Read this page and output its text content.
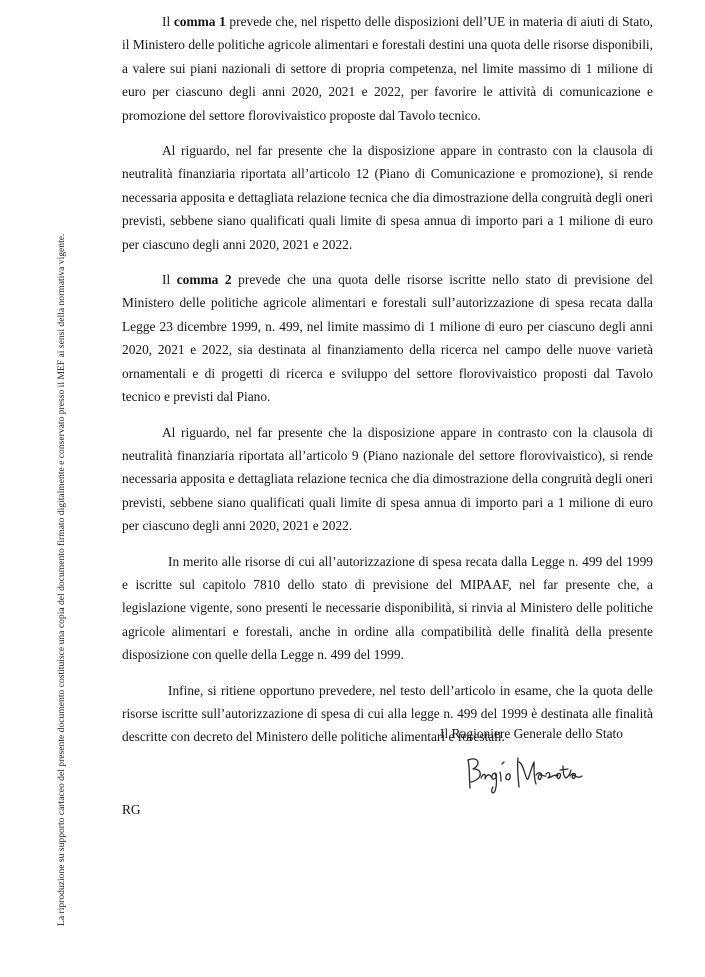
La riproduzione su supporto cartaceo del presente documento costituisce una copia del documento firmato digitalmente e conservato presso il MEF ai sensi della normativa vigente.

Il comma 1 prevede che, nel rispetto delle disposizioni dell’UE in materia di aiuti di Stato, il Ministero delle politiche agricole alimentari e forestali destini una quota delle risorse disponibili, a valere sui piani nazionali di settore di propria competenza, nel limite massimo di 1 milione di euro per ciascuno degli anni 2020, 2021 e 2022, per favorire le attività di comunicazione e promozione del settore florovivaistico proposte dal Tavolo tecnico.

Al riguardo, nel far presente che la disposizione appare in contrasto con la clausola di neutralità finanziaria riportata all’articolo 12 (Piano di Comunicazione e promozione), si rende necessaria apposita e dettagliata relazione tecnica che dia dimostrazione della congruità degli oneri previsti, sebbene siano qualificati quali limite di spesa annua di importo pari a 1 milione di euro per ciascuno degli anni 2020, 2021 e 2022.

Il comma 2 prevede che una quota delle risorse iscritte nello stato di previsione del Ministero delle politiche agricole alimentari e forestali sull’autorizzazione di spesa recata dalla Legge 23 dicembre 1999, n. 499, nel limite massimo di 1 milione di euro per ciascuno degli anni 2020, 2021 e 2022, sia destinata al finanziamento della ricerca nel campo delle nuove varietà ornamentali e di progetti di ricerca e sviluppo del settore florovivaistico proposti dal Tavolo tecnico e previsti dal Piano.

Al riguardo, nel far presente che la disposizione appare in contrasto con la clausola di neutralità finanziaria riportata all’articolo 9 (Piano nazionale del settore florovivaistico), si rende necessaria apposita e dettagliata relazione tecnica che dia dimostrazione della congruità degli oneri previsti, sebbene siano qualificati quali limite di spesa annua di importo pari a 1 milione di euro per ciascuno degli anni 2020, 2021 e 2022.

In merito alle risorse di cui all’autorizzazione di spesa recata dalla Legge n. 499 del 1999 e iscritte sul capitolo 7810 dello stato di previsione del MIPAAF, nel far presente che, a legislazione vigente, sono presenti le necessarie disponibilità, si rinvia al Ministero delle politiche agricole alimentari e forestali, anche in ordine alla compatibilità delle finalità della presente disposizione con quelle della Legge n. 499 del 1999.

Infine, si ritiene opportuno prevedere, nel testo dell’articolo in esame, che la quota delle risorse iscritte sull’autorizzazione di spesa di cui alla legge n. 499 del 1999 è destinata alle finalità descritte con decreto del Ministero delle politiche alimentari e forestali.

Il Ragioniere Generale dello Stato
RG
